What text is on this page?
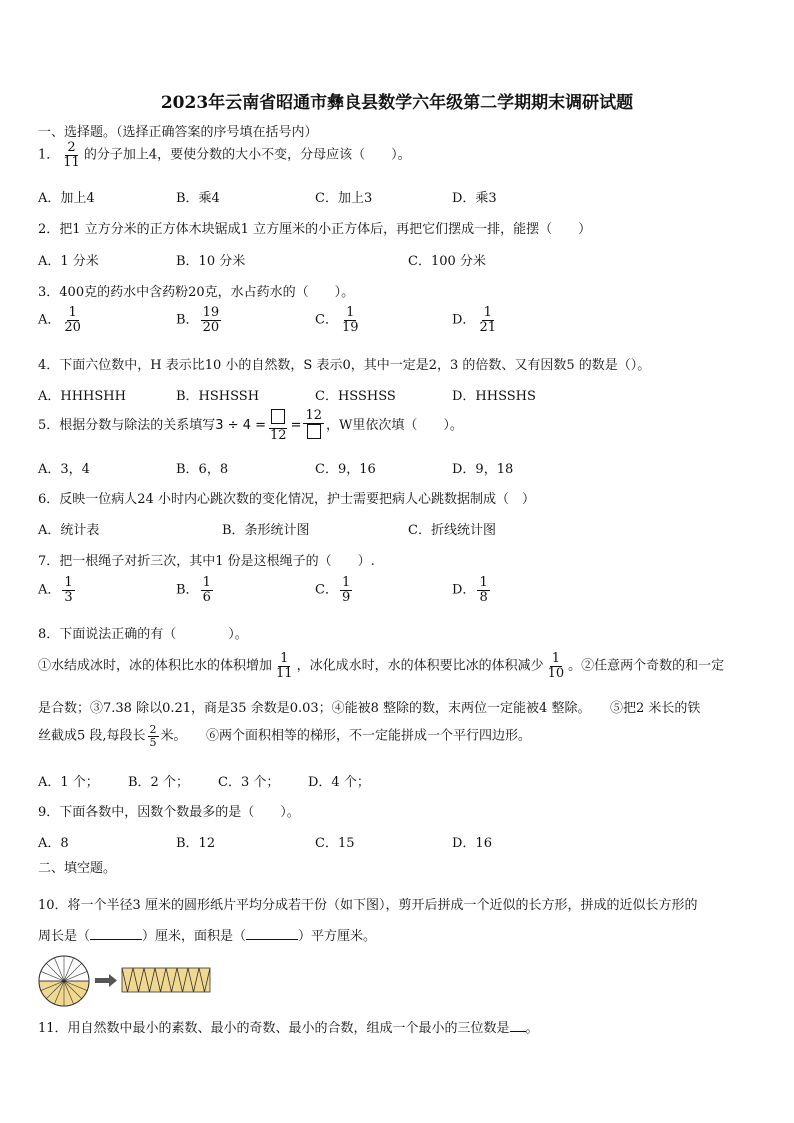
2023年云南省昭通市彝良县数学六年级第二学期期末调研试题
一、选择题。（选择正确答案的序号填在括号内）
1． $\frac{2}{11}$ 的分子加上4，要使分数的大小不变，分母应该（　　）。
A．加上4	B．乘4	C．加上3	D．乘3
2．把1 立方分米的正方体木块锯成1 立方厘米的小正方体后，再把它们摆成一排，能摆（　　）
A．1 分米	B．10 分米	C．100 分米
3．400克的药水中含药粉20克，水占药水的（　　）。
A． $\frac{1}{20}$	B． $\frac{19}{20}$	C． $\frac{1}{19}$	D． $\frac{1}{21}$
4．下面六位数中，H 表示比10 小的自然数，S 表示0，其中一定是2，3 的倍数、又有因数5 的数是（）。
A．HHHSHH	B．HSHSSH	C．HSSHSS	D．HHSSHS
5．根据分数与除法的关系填写3 ÷ 4 =
12
=
12
，W里依次填（　　）。
A．3，4	B．6，8	C．9，16	D．9，18
6．反映一位病人24 小时内心跳次数的变化情况，护士需要把病人心跳数据制成（　）
A．统计表	B．条形统计图	C．折线统计图
7．把一根绳子对折三次，其中1 份是这根绳子的（　　）.
A． $\frac{1}{3}$	B． $\frac{1}{6}$	C． $\frac{1}{9}$	D． $\frac{1}{8}$
8．下面说法正确的有（　　　　）。
①水结成冰时，冰的体积比水的体积增加 $\frac{1}{11}$ ，冰化成水时，水的体积要比冰的体积减少 $\frac{1}{10}$ 。②任意两个奇数的和一定
是合数；③7.38 除以0.21，商是35 余数是0.03；④能被8 整除的数，末两位一定能被4 整除。　　⑤把2 米长的铁
丝截成5 段,每段长 $\frac{2}{5}$ 米。　　⑥两个面积相等的梯形，不一定能拼成一个平行四边形。
A．1 个； B．2 个； C．3 个； D．4 个；
9．下面各数中，因数个数最多的是（　　）。
A．8	B．12	C．15	D．16
二、填空题。
10．将一个半径3 厘米的圆形纸片平均分成若干份（如下图），剪开后拼成一个近似的长方形，拼成的近似长方形的
周长是（	）厘米，面积是（	）平方厘米。
11．用自然数中最小的素数、最小的奇数、最小的合数，组成一个最小的三位数是 。
